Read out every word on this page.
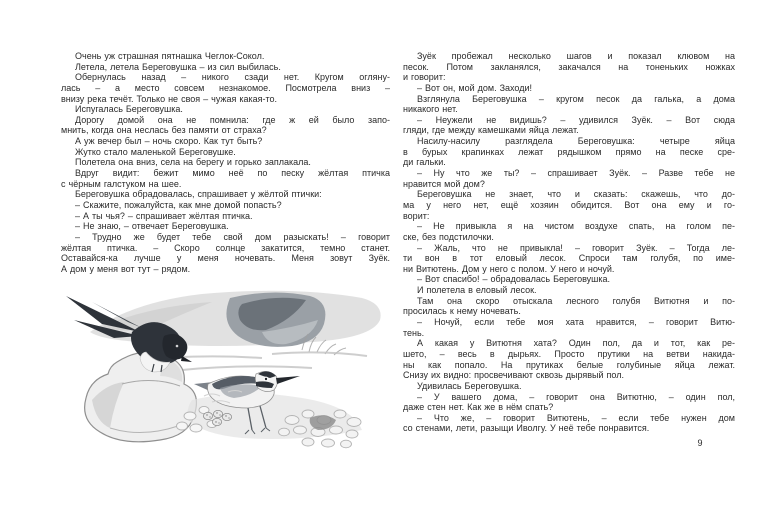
Очень уж страшная пятнашка Чеглок-Сокол.
Летела, летела Береговушка – из сил выбилась.
Обернулась назад – никого сзади нет. Кругом огляну-
лась – а место совсем незнакомое. Посмотрела вниз –
внизу река течёт. Только не своя – чужая какая-то.
Испугалась Береговушка.
Дорогу домой она не помнила: где ж ей было запо-
мнить, когда она неслась без памяти от страха?
А уж вечер был – ночь скоро. Как тут быть?
Жутко стало маленькой Береговушке.
Полетела она вниз, села на берегу и горько заплакала.
Вдруг видит: бежит мимо неё по песку жёлтая птичка
с чёрным галстуком на шее.
Береговушка обрадовалась, спрашивает у жёлтой птички:
– Скажите, пожалуйста, как мне домой попасть?
– А ты чья? – спрашивает жёлтая птичка.
– Не знаю, – отвечает Береговушка.
– Трудно же будет тебе свой дом разыскать! – говорит
жёлтая птичка. – Скоро солнце закатится, темно станет.
Оставайся-ка лучше у меня ночевать. Меня зовут Зуёк.
А дом у меня вот тут – рядом.
Зуёк пробежал несколько шагов и показал клювом на
песок. Потом закланялся, закачался на тоненьких ножках
и говорит:
– Вот он, мой дом. Заходи!
Взглянула Береговушка – кругом песок да галька, а дома
никакого нет.
– Неужели не видишь? – удивился Зуёк. – Вот сюда
гляди, где между камешками яйца лежат.
Насилу-насилу разглядела Береговушка: четыре яйца
в бурых крапинках лежат рядышком прямо на песке сре-
ди гальки.
– Ну что же ты? – спрашивает Зуёк. – Разве тебе не
нравится мой дом?
Береговушка не знает, что и сказать: скажешь, что до-
ма у него нет, ещё хозяин обидится. Вот она ему и го-
ворит:
– Не привыкла я на чистом воздухе спать, на голом пе-
ске, без подстилочки.
– Жаль, что не привыкла! – говорит Зуёк. – Тогда ле-
ти вон в тот еловый лесок. Спроси там голубя, по име-
ни Витютень. Дом у него с полом. У него и ночуй.
– Вот спасибо! – обрадовалась Береговушка.
И полетела в еловый лесок.
Там она скоро отыскала лесного голубя Витютня и по-
просилась к нему ночевать.
– Ночуй, если тебе моя хата нравится, – говорит Витю-
тень.
А какая у Витютня хата? Один пол, да и тот, как ре-
шето, – весь в дырьях. Просто прутики на ветви накида-
ны как попало. На прутиках белые голубиные яйца лежат.
Снизу их видно: просвечивают сквозь дырявый пол.
Удивилась Береговушка.
– У вашего дома, – говорит она Витютню, – один пол,
даже стен нет. Как же в нём спать?
– Что же, – говорит Витютень, – если тебе нужен дом
со стенами, лети, разыщи Иволгу. У неё тебе понравится.
9
